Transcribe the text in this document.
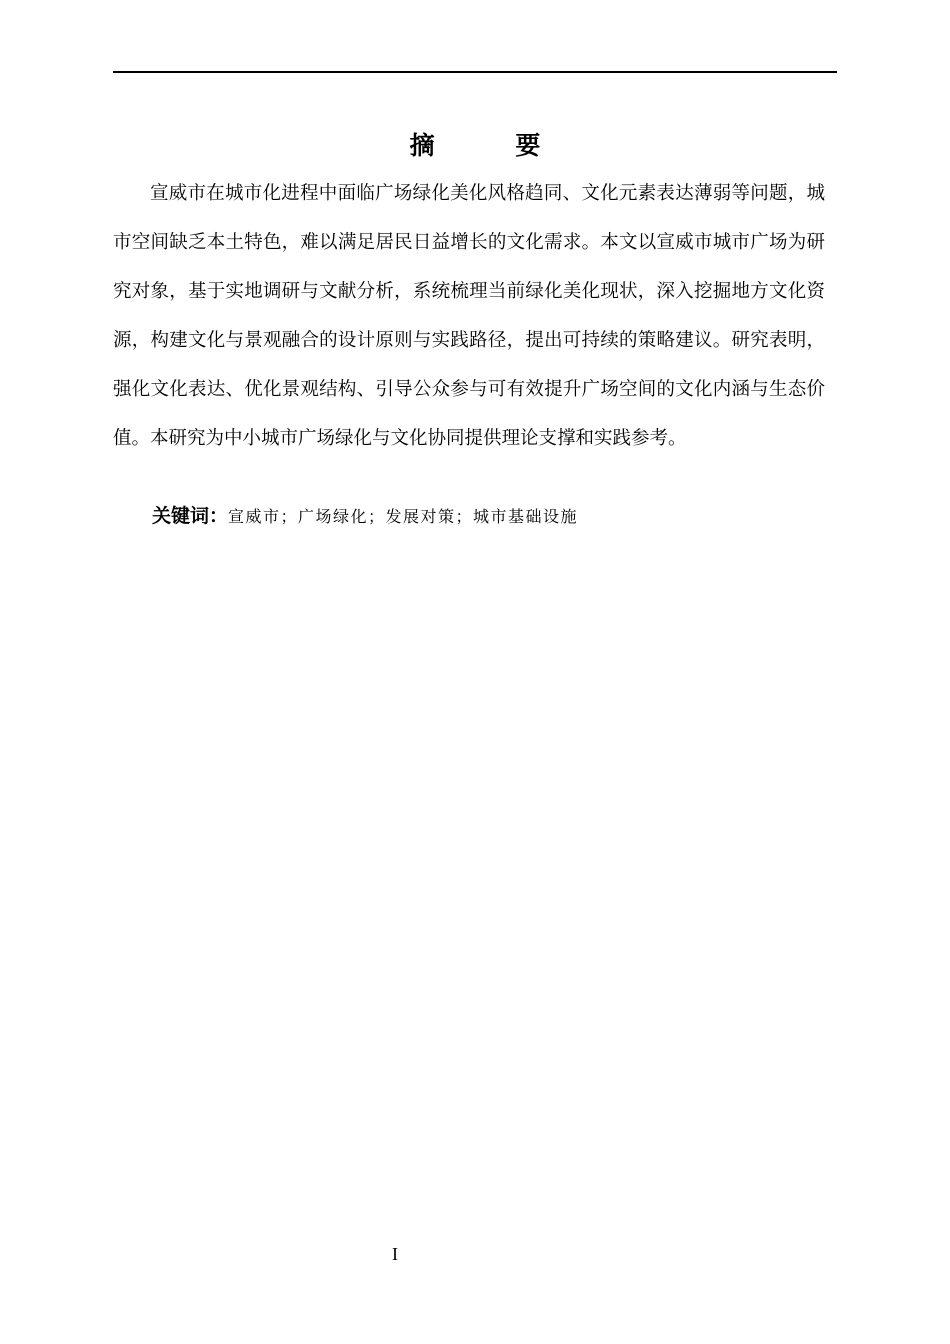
摘 要

宣威市在城市化进程中面临广场绿化美化风格趋同、文化元素表达薄弱等问题，城市空间缺乏本土特色，难以满足居民日益增长的文化需求。本文以宣威市城市广场为研究对象，基于实地调研与文献分析，系统梳理当前绿化美化现状，深入挖掘地方文化资源，构建文化与景观融合的设计原则与实践路径，提出可持续的策略建议。研究表明，强化文化表达、优化景观结构、引导公众参与可有效提升广场空间的文化内涵与生态价值。本研究为中小城市广场绿化与文化协同提供理论支撑和实践参考。

关键词：宣威市；广场绿化；发展对策；城市基础设施
I
